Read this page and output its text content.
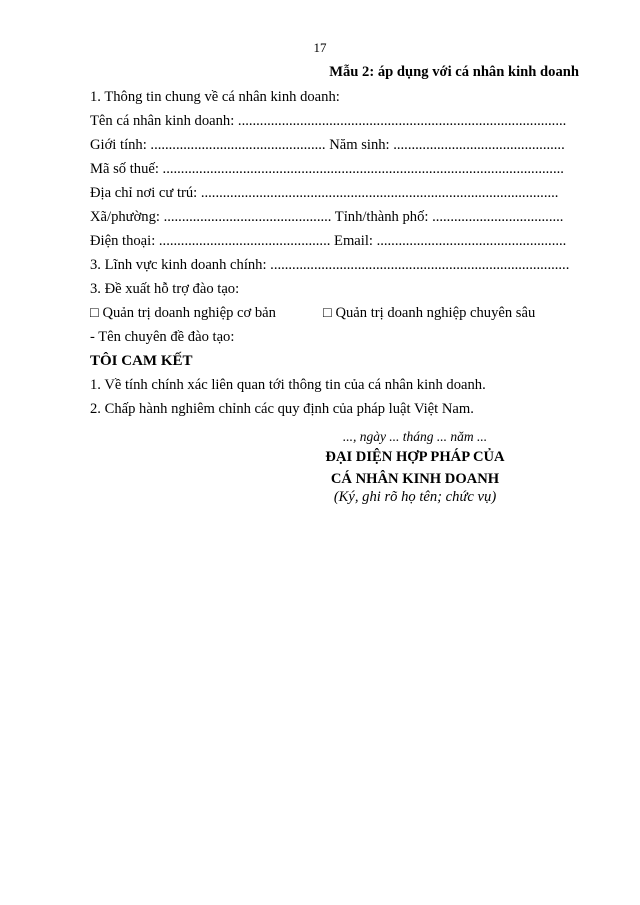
17
Mẫu 2: áp dụng với cá nhân kinh doanh
1. Thông tin chung về cá nhân kinh doanh:
Tên cá nhân kinh doanh: ..........................................................................................
Giới tính: ................................................ Năm sinh: ...............................................
Mã số thuế: ..............................................................................................................
Địa chỉ nơi cư trú: ..................................................................................................
Xã/phường: .............................................. Tỉnh/thành phố: ....................................
Điện thoại: ............................................... Email: ....................................................
3. Lĩnh vực kinh doanh chính: ..................................................................................
3. Đề xuất hỗ trợ đào tạo:
□ Quản trị doanh nghiệp cơ bản	□ Quản trị doanh nghiệp chuyên sâu
- Tên chuyên đề đào tạo:
TÔI CAM KẾT
1. Về tính chính xác liên quan tới thông tin của cá nhân kinh doanh.
2. Chấp hành nghiêm chỉnh các quy định của pháp luật Việt Nam.
..., ngày ... tháng ... năm ...
ĐẠI DIỆN HỢP PHÁP CỦA
CÁ NHÂN KINH DOANH
(Ký, ghi rõ họ tên; chức vụ)
